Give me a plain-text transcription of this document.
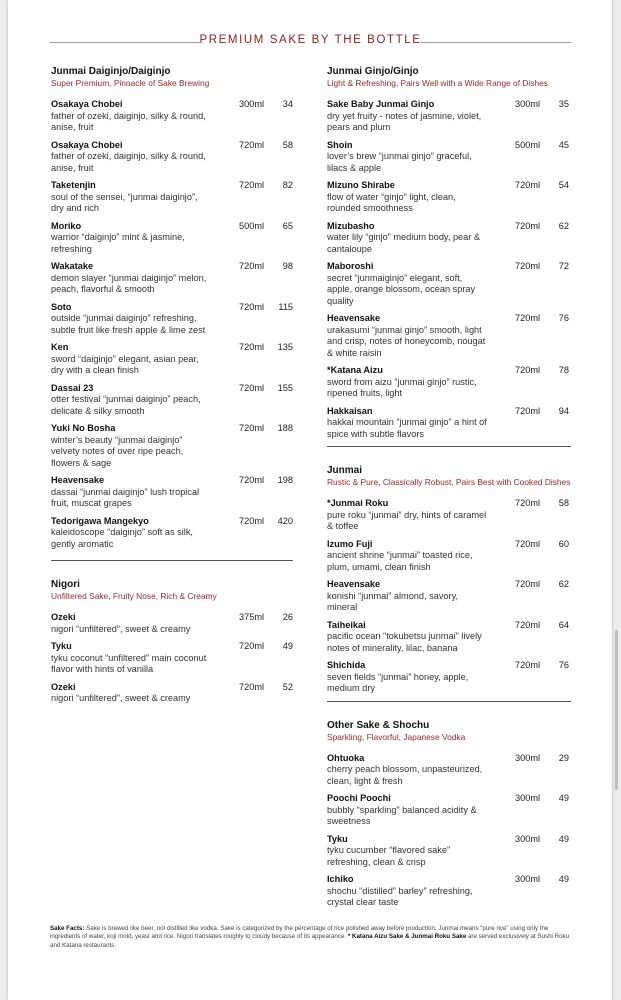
PREMIUM SAKE BY THE BOTTLE
Junmai Daiginjo/Daiginjo
Super Premium, Pinnacle of Sake Brewing
Osakaya Chobei
father of ozeki, daiginjo, silky & round, anise, fruit
300ml	34
Osakaya Chobei
father of ozeki, daiginjo, silky & round, anise, fruit
720ml	58
Taketenjin
soul of the sensei, “junmai daiginjo”, dry and rich
720ml	82
Moriko
warrior “daiginjo” mint & jasmine, refreshing
500ml	65
Wakatake
demon slayer “junmai daiginjo” melon, peach, flavorful & smooth
720ml	98
Soto
outside “junmai daiginjo” refreshing, subtle fruit like fresh apple & lime zest
720ml	115
Ken
sword “daiginjo” elegant, asian pear, dry with a clean finish
720ml	135
Dassai 23
otter festival “junmai daiginjo” peach, delicate & silky smooth
720ml	155
Yuki No Bosha
winter’s beauty “junmai daiginjo” velvety notes of over ripe peach, flowers & sage
720ml	188
Heavensake
dassai “junmai daiginjo” lush tropical fruit, muscat grapes
720ml	198
Tedorigawa Mangekyo
kaleidoscope “daiginjo” soft as silk, gently aromatic
720ml	420
Nigori
Unfiltered Sake, Fruity Nose, Rich & Creamy
Ozeki
nigori “unfiltered”, sweet & creamy
375ml	26
Tyku
tyku coconut “unfiltered” main coconut flavor with hints of vanilla
720ml	49
Ozeki
nigori “unfiltered”, sweet & creamy
720ml	52
Junmai Ginjo/Ginjo
Light & Refreshing, Pairs Well with a Wide Range of Dishes
Sake Baby Junmai Ginjo
dry yet fruity - notes of jasmine, violet, pears and plum
300ml	35
Shoin
lover’s brew “junmai ginjo” graceful, lilacs & apple
500ml	45
Mizuno Shirabe
flow of water “ginjo” light, clean, rounded smoothness
720ml	54
Mizubasho
water lily “ginjo” medium body, pear & cantaloupe
720ml	62
Maboroshi
secret “junmaiginjo” elegant, soft, apple, orange blossom, ocean spray quality
720ml	72
Heavensake
urakasumi “junmai ginjo” smooth, light and crisp, notes of honeycomb, nougat & white raisin
720ml	76
*Katana Aizu
sword from aizu “junmai ginjo” rustic, ripened fruits, light
720ml	78
Hakkaisan
hakkai mountain “junmai ginjo” a hint of spice with subtle flavors
720ml	94
Junmai
Rustic & Pure, Classically Robust, Pairs Best with Cooked Dishes
*Junmai Roku
pure roku “junmai” dry, hints of caramel & toffee
720ml	58
Izumo Fuji
ancient shrine “junmai” toasted rice, plum, umami, clean finish
720ml	60
Heavensake
konishi “junmai” almond, savory, mineral
720ml	62
Taiheikai
pacific ocean “tokubetsu junmai” lively notes of minerality, lilac, banana
720ml	64
Shichida
seven fields “junmai” honey, apple, medium dry
720ml	76
Other Sake & Shochu
Sparkling, Flavorful, Japanese Vodka
Ohtuoka
cherry peach blossom, unpasteurized, clean, light & fresh
300ml	29
Poochi Poochi
bubbly “sparkling” balanced acidity & sweetness
300ml	49
Tyku
tyku cucumber “flavored sake” refreshing, clean & crisp
300ml	49
Ichiko
shochu “distilled” barley” refreshing, crystal clear taste
300ml	49
Sake Facts: Sake is brewed like beer, not distilled like vodka. Sake is categorized by the percentage of rice polished away before production. Junmai means “pure rice” using only the ingredients of water, koji mold, yeast and rice. Nigori translates roughly to cloudy because of its appearance. * Katana Aizu Sake & Junmai Roku Sake are served exclusively at Sushi Roku and Katana restaurants.
